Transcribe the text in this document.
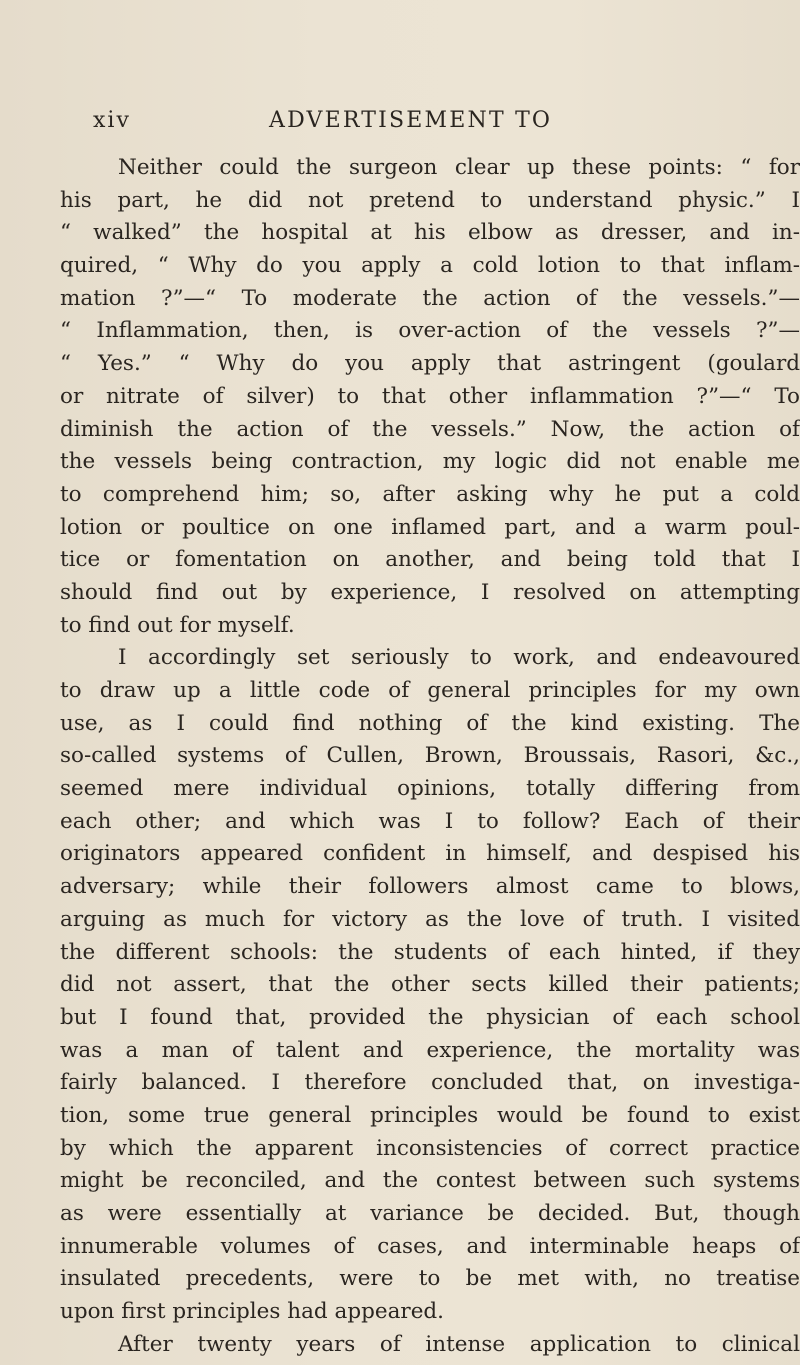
xiv	ADVERTISEMENT TO
Neither could the surgeon clear up these points: “ for
his part, he did not pretend to understand physic.” I
“ walked” the hospital at his elbow as dresser, and in-
quired, “ Why do you apply a cold lotion to that inflam-
mation ?”—“ To moderate the action of the vessels.”—
“ Inflammation, then, is over-action of the vessels ?”—
“ Yes.” “ Why do you apply that astringent (goulard
or nitrate of silver) to that other inflammation ?”—“ To
diminish the action of the vessels.” Now, the action of
the vessels being contraction, my logic did not enable me
to comprehend him; so, after asking why he put a cold
lotion or poultice on one inflamed part, and a warm poul-
tice or fomentation on another, and being told that I
should find out by experience, I resolved on attempting
to find out for myself.
I accordingly set seriously to work, and endeavoured
to draw up a little code of general principles for my own
use, as I could find nothing of the kind existing. The
so-called systems of Cullen, Brown, Broussais, Rasori, &c.,
seemed mere individual opinions, totally differing from
each other; and which was I to follow? Each of their
originators appeared confident in himself, and despised his
adversary; while their followers almost came to blows,
arguing as much for victory as the love of truth. I visited
the different schools: the students of each hinted, if they
did not assert, that the other sects killed their patients;
but I found that, provided the physician of each school
was a man of talent and experience, the mortality was
fairly balanced. I therefore concluded that, on investiga-
tion, some true general principles would be found to exist
by which the apparent inconsistencies of correct practice
might be reconciled, and the contest between such systems
as were essentially at variance be decided. But, though
innumerable volumes of cases, and interminable heaps of
insulated precedents, were to be met with, no treatise
upon first principles had appeared.
After twenty years of intense application to clinical
